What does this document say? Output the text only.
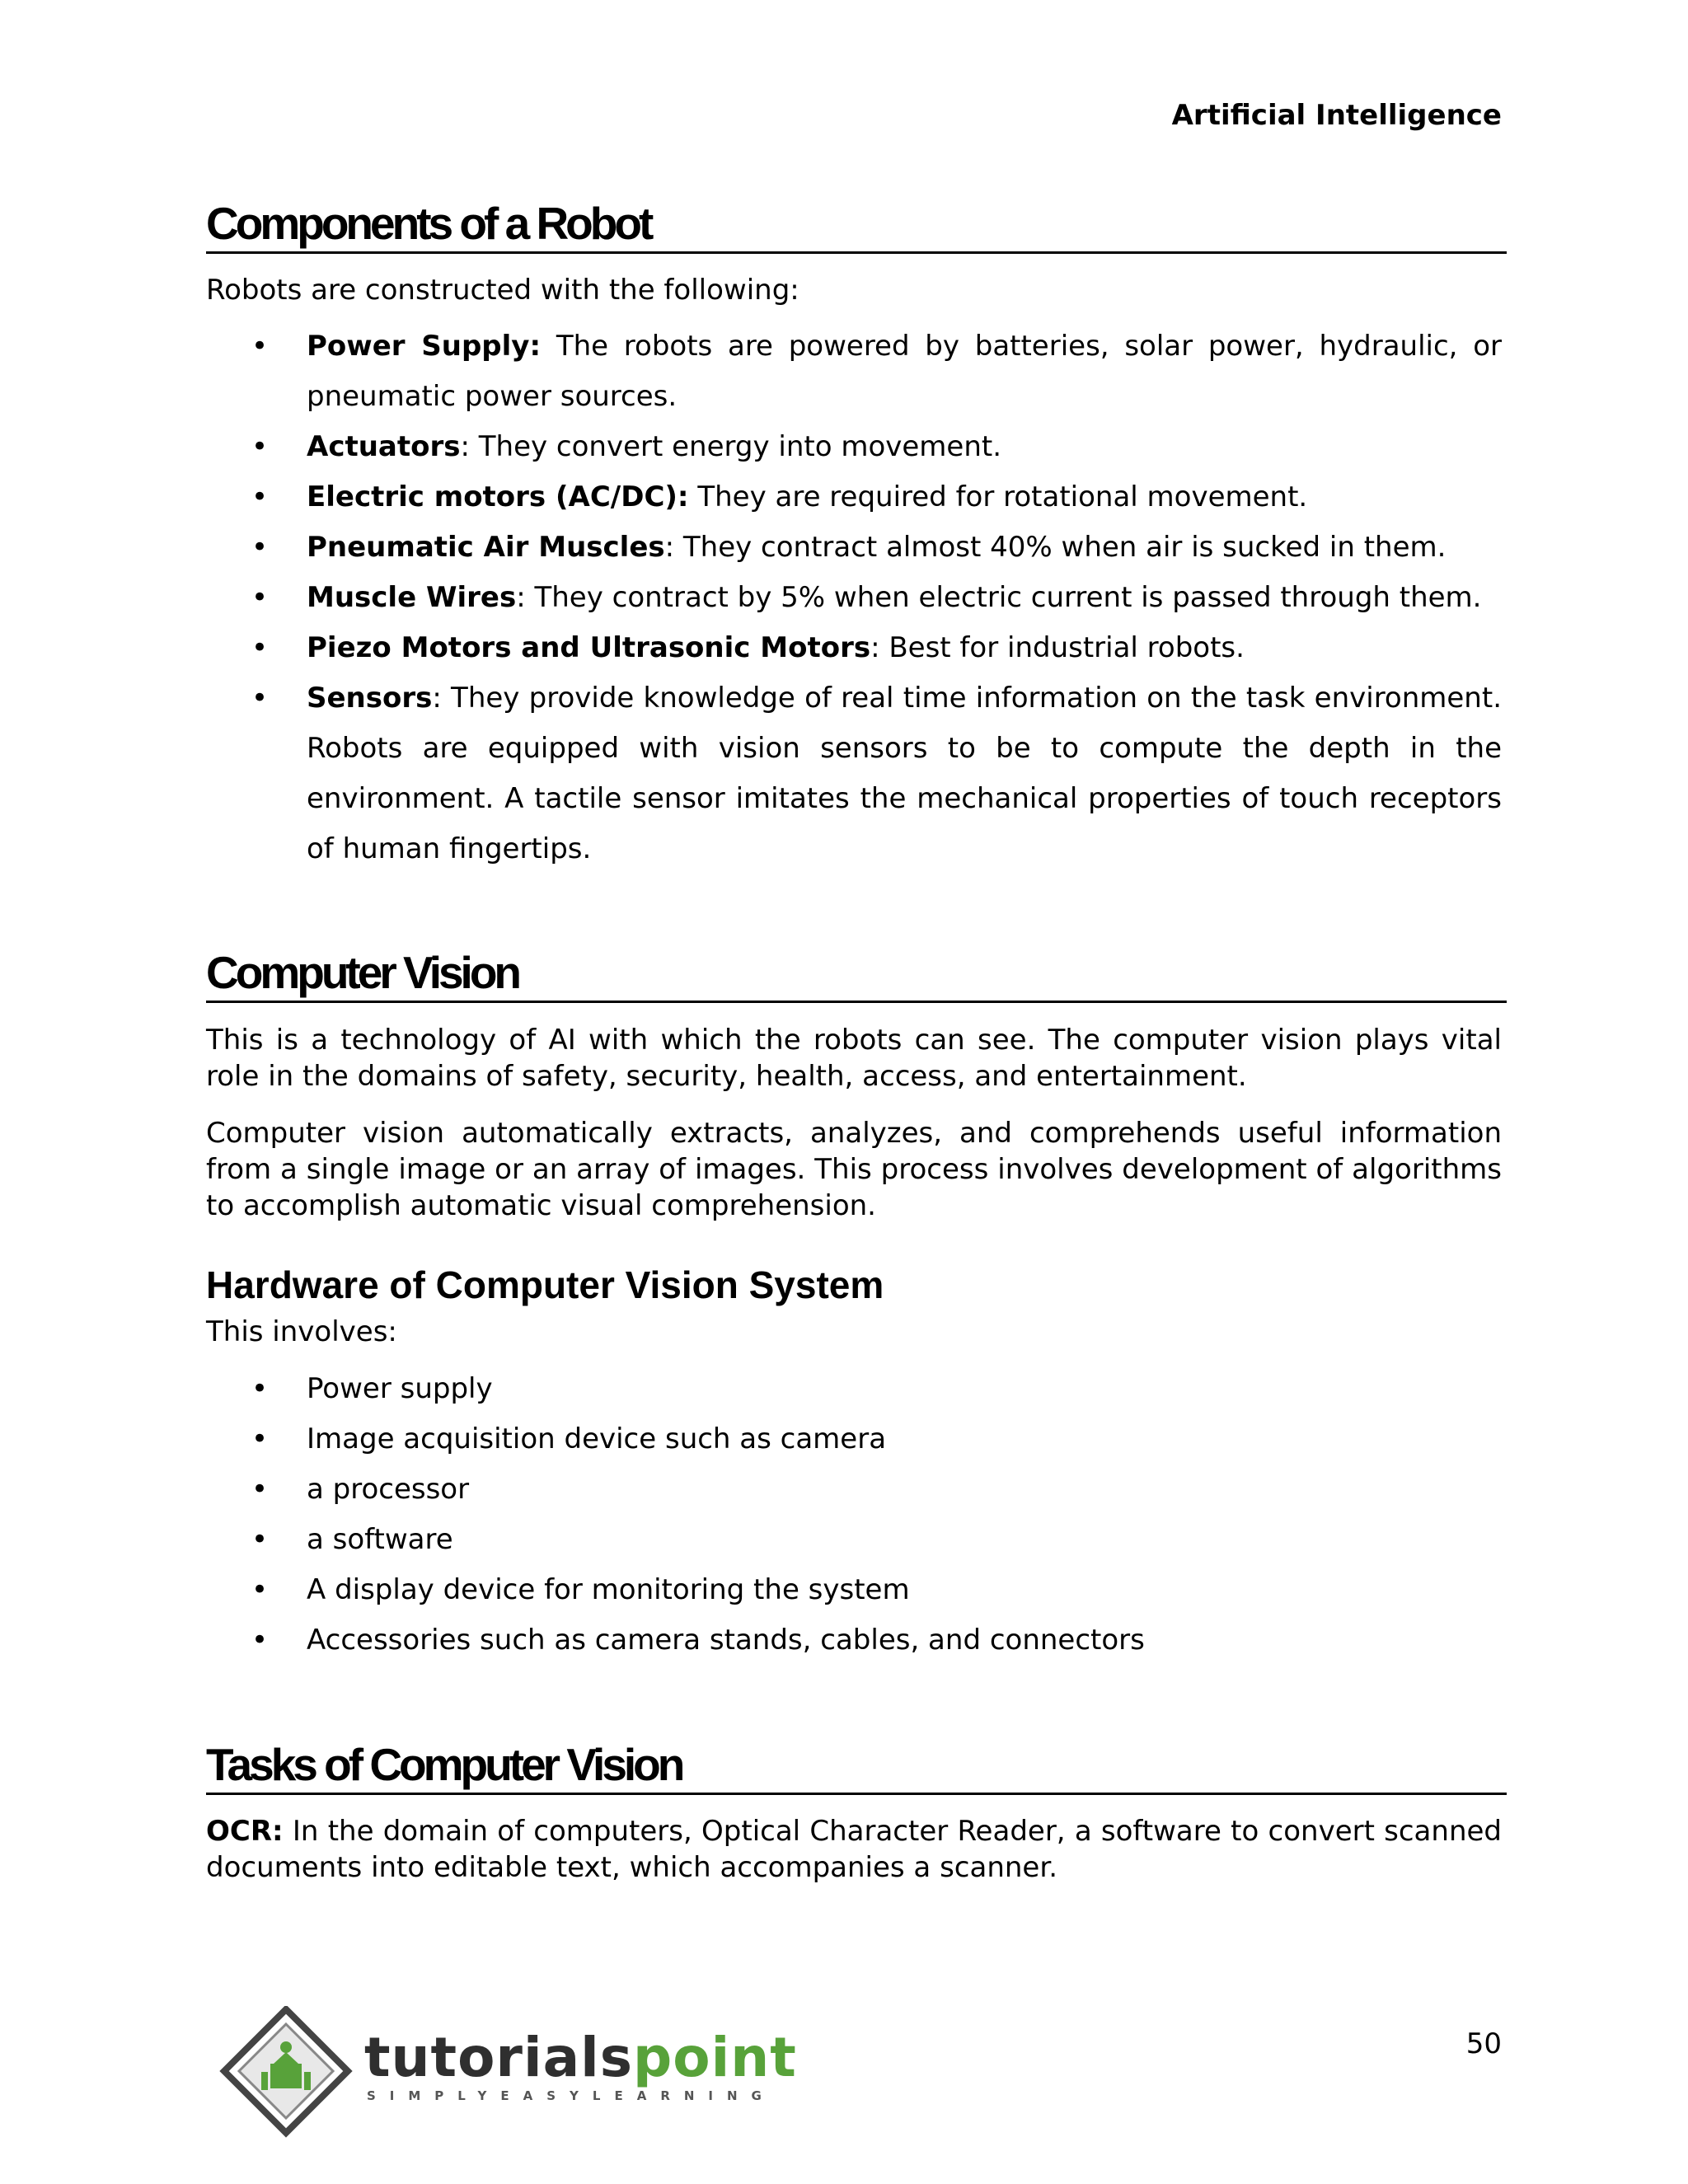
Artificial Intelligence
Components of a Robot

Robots are constructed with the following:

• Power Supply: The robots are powered by batteries, solar power, hydraulic, or pneumatic power sources.
• Actuators: They convert energy into movement.
• Electric motors (AC/DC): They are required for rotational movement.
• Pneumatic Air Muscles: They contract almost 40% when air is sucked in them.
• Muscle Wires: They contract by 5% when electric current is passed through them.
• Piezo Motors and Ultrasonic Motors: Best for industrial robots.
• Sensors: They provide knowledge of real time information on the task environment. Robots are equipped with vision sensors to be to compute the depth in the environment. A tactile sensor imitates the mechanical properties of touch receptors of human fingertips.
Computer Vision

This is a technology of AI with which the robots can see. The computer vision plays vital role in the domains of safety, security, health, access, and entertainment.

Computer vision automatically extracts, analyzes, and comprehends useful information from a single image or an array of images. This process involves development of algorithms to accomplish automatic visual comprehension.

Hardware of Computer Vision System

This involves:

• Power supply
• Image acquisition device such as camera
• a processor
• a software
• A display device for monitoring the system
• Accessories such as camera stands, cables, and connectors
Tasks of Computer Vision

OCR: In the domain of computers, Optical Character Reader, a software to convert scanned documents into editable text, which accompanies a scanner.

50
tutorialspoint
SIMPLYEASYLEARNING
